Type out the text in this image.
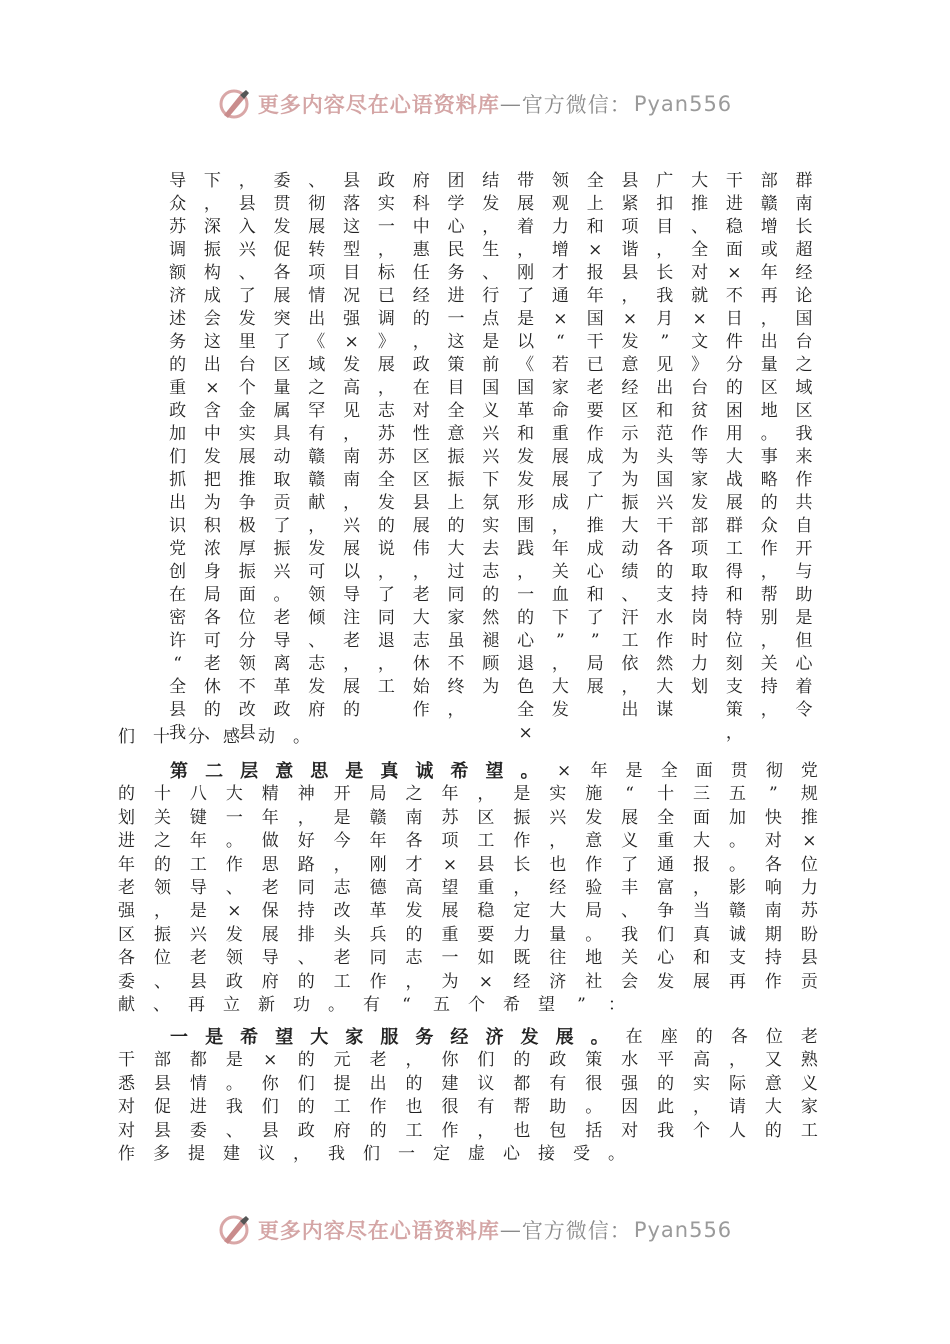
更多内容尽在心语资料库 — 官方微信： Pyan556
群
南
长
超
经
论
国
台
之
域
区
我
来
作
共
自
开
与
助
是
但
心
着
令
部
赣
增
或
年
再
，
出
量
区
地
。
事
略
的
众
作
，
帮
别
，
关
持
，
干
进
稳
面
×
不
日
件
分
的
困
用
大
战
展
群
工
得
和
特
位
刻
支
策
，
大
推
、
全
对
就
×
文
》
台
贫
作
等
家
发
部
项
取
持
岗
时
力
划
广
扣
目
，
长
我
月
”
见
出
和
范
头
国
兴
干
各
的
支
水
作
然
大
谋
县
紧
项
谐
县
，
×
发
意
经
区
示
为
为
振
大
动
绩
、
汗
工
依
，
出
全
上
和
×
报
年
国
干
已
老
要
作
成
了
广
推
成
心
和
了
”
局
展
领
观
力
增
才
通
×
“
若
家
命
重
展
展
成
，
年
关
血
下
”
，
大
发
带
展
着
，
刚
了
是
以
《
国
革
和
发
发
形
围
践
，
一
的
心
退
色
全
×
结
发
，
生
、
行
点
是
前
国
义
兴
兴
下
氛
实
去
志
的
然
褪
顾
为
团
学
心
民
务
进
一
这
策
目
全
意
振
振
上
的
大
过
同
家
虽
不
终
，
府
科
中
惠
任
经
的
，
政
在
对
性
区
区
县
展
伟
，
老
大
志
休
始
作
政
实
一
，
标
已
调
》
展
，
志
苏
苏
全
发
的
说
，
了
同
退
，
工
县
落
这
型
目
况
强
×
发
高
见
，
南
南
，
兴
展
以
导
注
老
，
展
的
、
彻
展
转
项
情
出
《
域
之
罕
有
赣
赣
献
，
发
可
领
倾
、
志
发
府
委
贯
发
促
各
展
突
了
区
量
属
具
动
取
贡
了
振
兴
。
老
导
离
革
政
，
县
入
兴
、
了
发
里
台
个
金
实
展
推
争
极
厚
振
面
位
分
领
不
改
县
下
，
深
振
构
成
会
这
出
×
含
中
发
把
为
积
浓
身
局
各
可
老
休
的
、
导
众
苏
调
额
济
述
务
的
重
政
加
们
抓
出
识
党
创
在
密
许
“
全
县
我
们 十 分 感 动 。
第 二 层 意 思 是 真 诚 希 望 。 × 年 是 全 面 贯 彻 党
的 十 八 大 精 神 开 局 之 年 ， 是 实 施 “ 十 三 五 ” 规
划 关 键 一 年 ， 是 赣 南 苏 区 振 兴 发 展 全 面 加 快 推
进 之 年 。 做 好 今 年 各 项 工 作 ， 意 义 重 大 。 对 ×
年 的 工 作 思 路 ， 刚 才 × 县 长 也 作 了 通 报 。 各 位
老 领 导 、 老 同 志 德 高 望 重 ， 经 验 丰 富 ， 影 响 力
强 ， 是 × 保 持 改 革 发 展 稳 定 大 局 、 争 当 赣 南 苏
区 振 兴 发 展 排 头 兵 的 重 要 力 量 。 我 们 真 诚 期 盼
各 位 老 领 导 、 老 同 志 一 如 既 往 地 关 心 和 支 持 县
委 、 县 政 府 的 工 作 ， 为 × 经 济 社 会 发 展 再 作 贡
献 、 再 立 新 功 。 有 “ 五 个 希 望 ” ：
一 是 希 望 大 家 服 务 经 济 发 展 。 在 座 的 各 位 老
干 部 都 是 × 的 元 老 ， 你 们 的 政 策 水 平 高 ， 又 熟
悉 县 情 。 你 们 提 出 的 建 议 都 有 很 强 的 实 际 意 义
对 促 进 我 们 的 工 作 也 很 有 帮 助 。 因 此 ， 请 大 家
对 县 委 、 县 政 府 的 工 作 ， 也 包 括 对 我 个 人 的 工
作 多 提 建 议 ， 我 们 一 定 虚 心 接 受 。
更多内容尽在心语资料库 — 官方微信： Pyan556
